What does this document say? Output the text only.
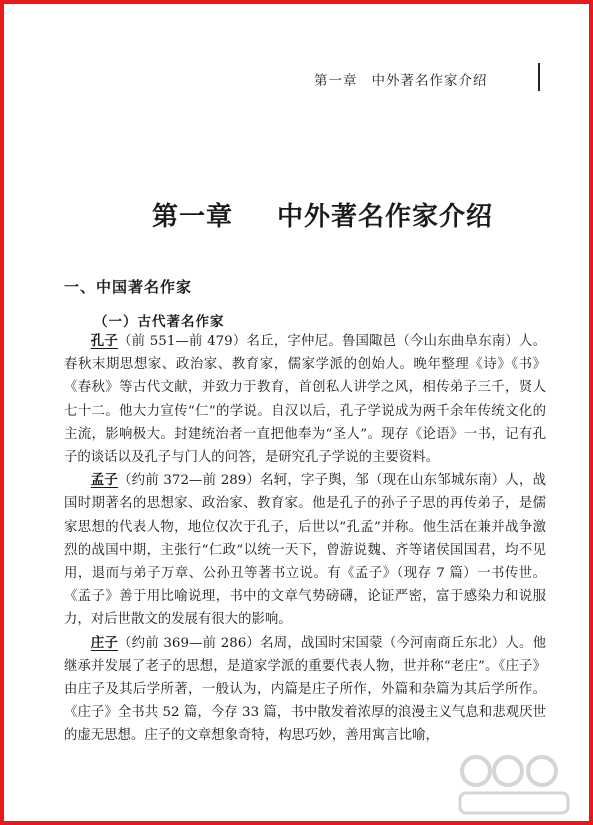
第一章 中外著名作家介绍
第一章 中外著名作家介绍
一、中国著名作家
（一）古代著名作家

孔子（前 551—前 479）名丘，字仲尼。鲁国陬邑（今山东曲阜东南）人。春秋末期思想家、政治家、教育家，儒家学派的创始人。晚年整理《诗》《书》《春秋》等古代文献，并致力于教育，首创私人讲学之风，相传弟子三千，贤人七十二。他大力宣传“仁”的学说。自汉以后，孔子学说成为两千余年传统文化的主流，影响极大。封建统治者一直把他奉为“圣人”。现存《论语》一书，记有孔子的谈话以及孔子与门人的问答，是研究孔子学说的主要资料。

孟子（约前 372—前 289）名轲，字子舆，邹（现在山东邹城东南）人，战国时期著名的思想家、政治家、教育家。他是孔子的孙子子思的再传弟子，是儒家思想的代表人物，地位仅次于孔子，后世以“孔孟”并称。他生活在兼并战争激烈的战国中期，主张行“仁政”以统一天下，曾游说魏、齐等诸侯国国君，均不见用，退而与弟子万章、公孙丑等著书立说。有《孟子》（现存 7 篇）一书传世。《孟子》善于用比喻说理，书中的文章气势磅礴，论证严密，富于感染力和说服力，对后世散文的发展有很大的影响。

庄子（约前 369—前 286）名周，战国时宋国蒙（今河南商丘东北）人。他继承并发展了老子的思想，是道家学派的重要代表人物，世并称“老庄”。《庄子》由庄子及其后学所著，一般认为，内篇是庄子所作，外篇和杂篇为其后学所作。《庄子》全书共 52 篇，今存 33 篇，书中散发着浓厚的浪漫主义气息和悲观厌世的虚无思想。庄子的文章想象奇特，构思巧妙，善用寓言比喻，
